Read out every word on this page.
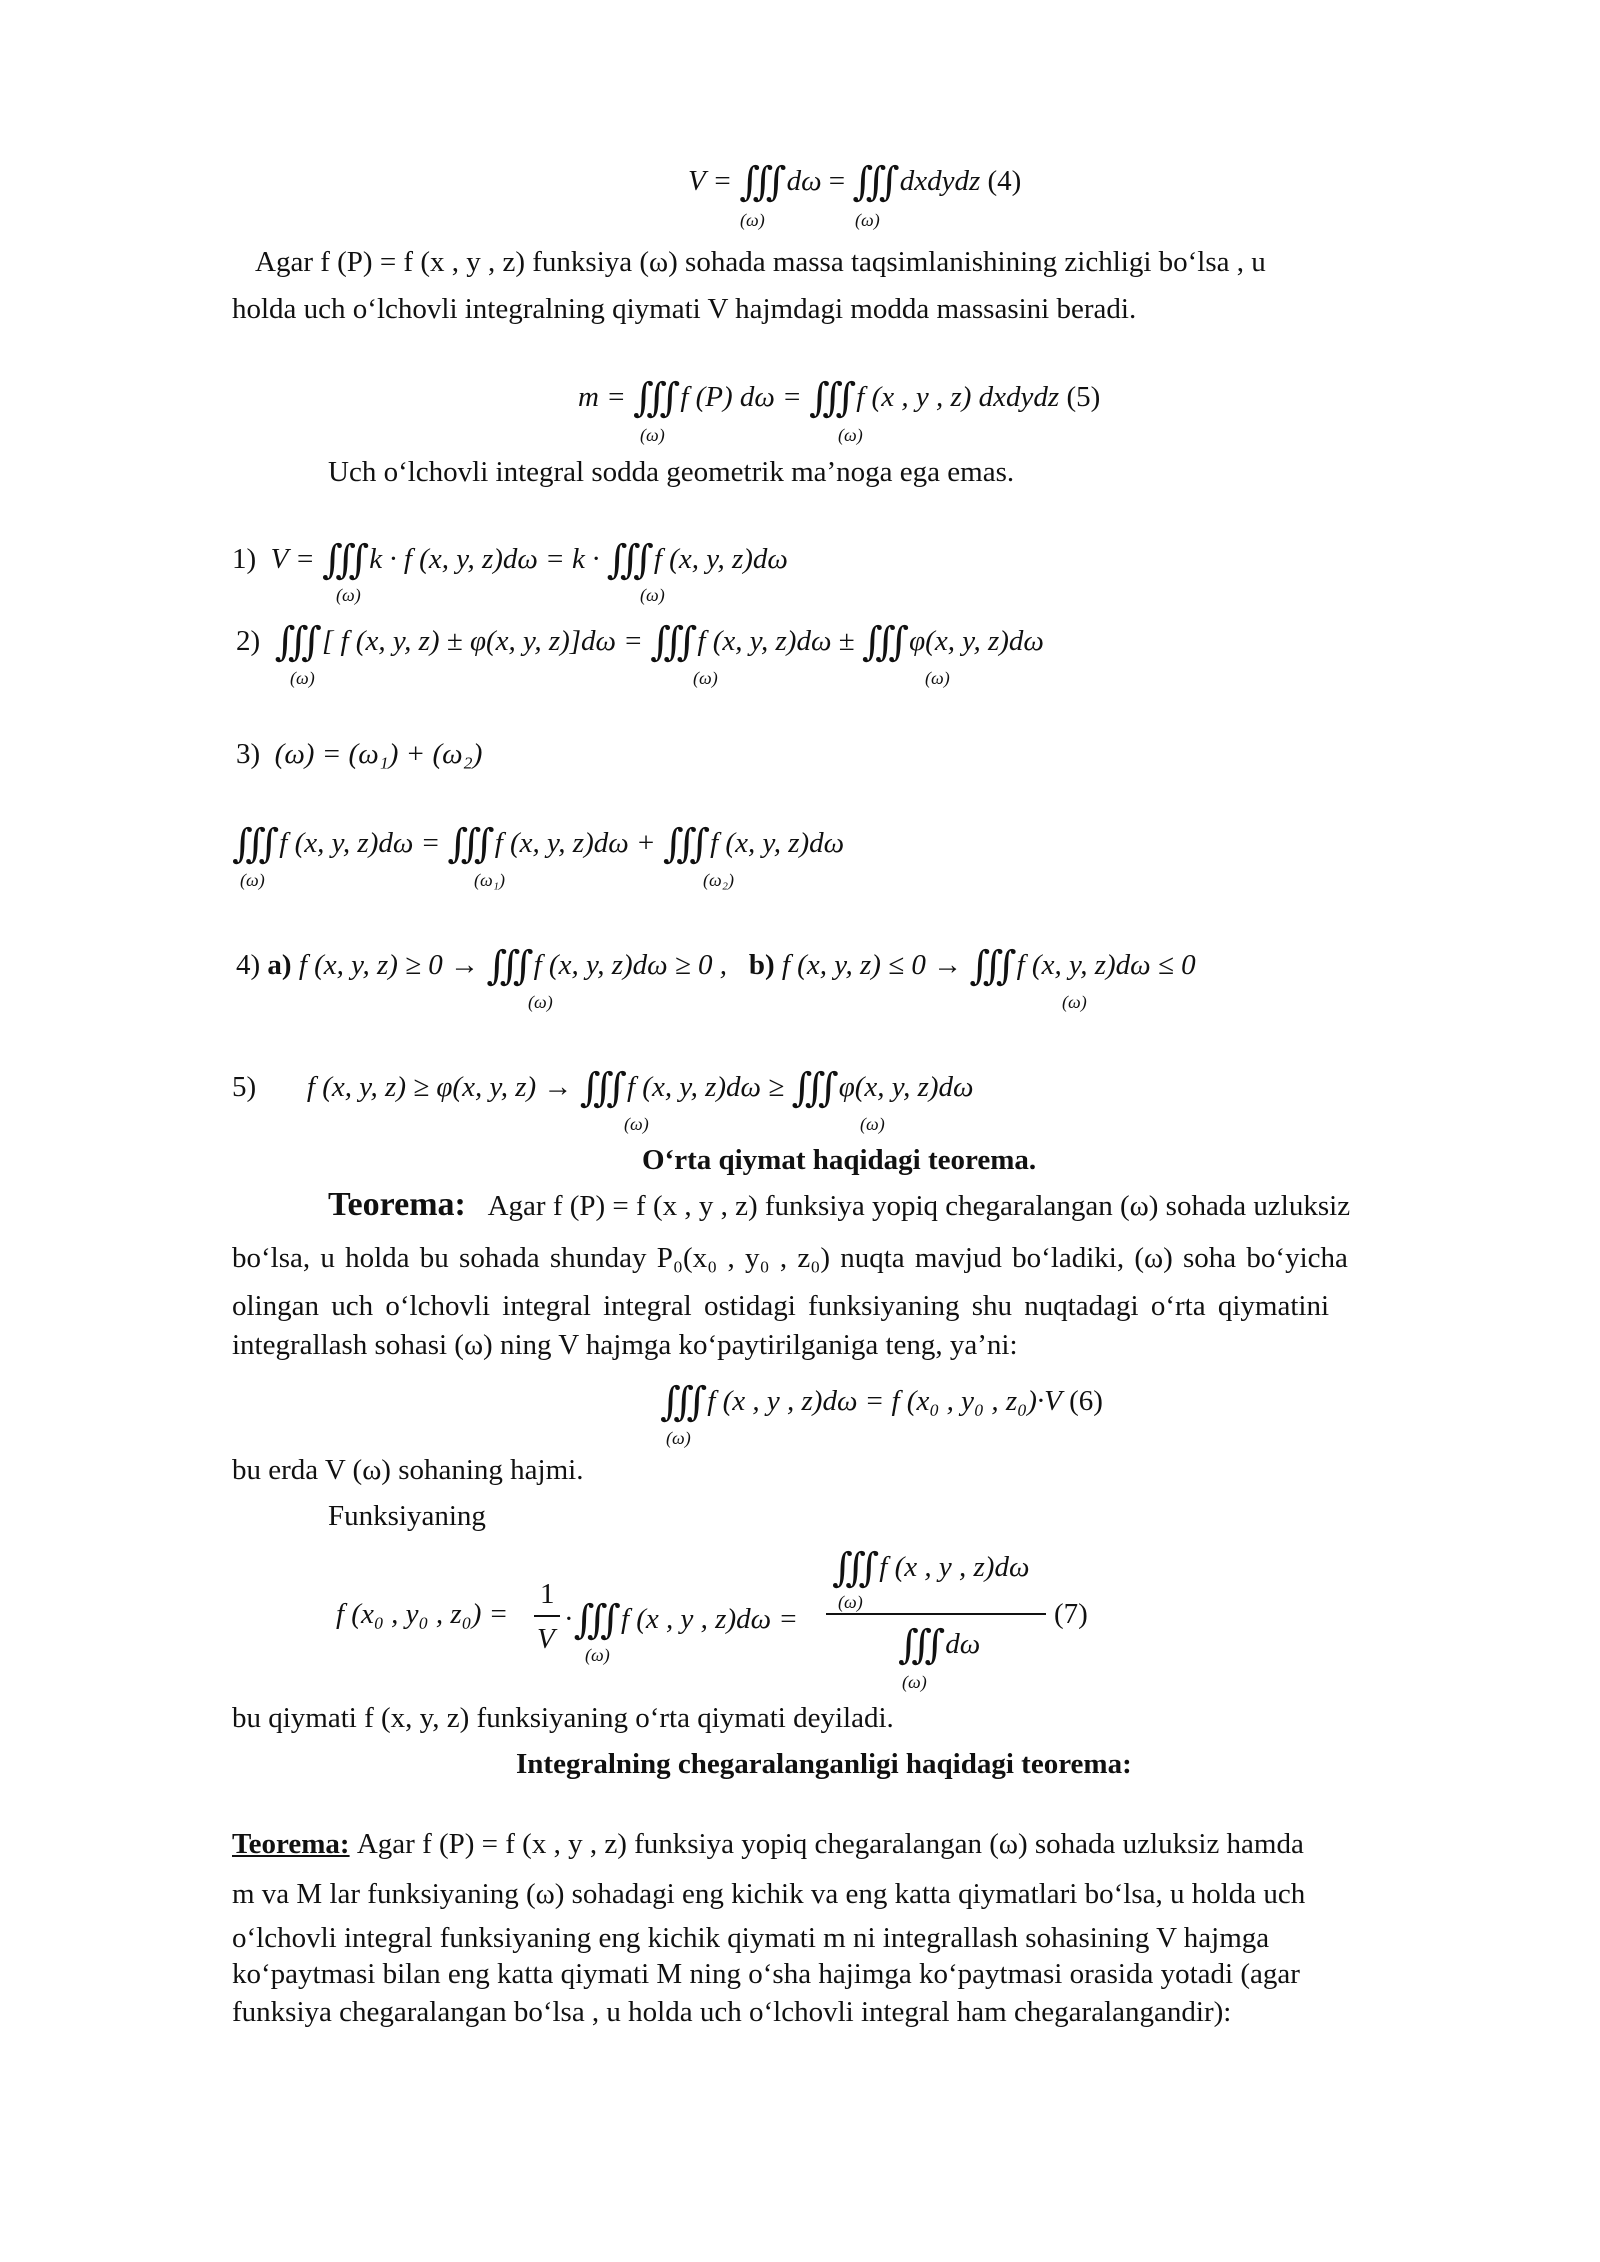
V = ∭ dω = ∭ dxdydz (4)
(ω)	(ω)
Agar f (P) = f (x , y , z) funksiya (ω) sohada massa taqsimlanishining zichligi bo‘lsa , u
holda uch o‘lchovli integralning qiymati V hajmdagi modda massasini beradi.
m = ∭ f (P) dω = ∭ f (x , y , z) dxdydz (5)
(ω)	(ω)
Uch o‘lchovli integral sodda geometrik ma’noga ega emas.
1) V = ∭ k · f (x, y, z)dω = k · ∭ f (x, y, z)dω
(ω)	(ω)
2) ∭ [ f (x, y, z) ± φ(x, y, z)]dω = ∭ f (x, y, z)dω ± ∭ φ(x, y, z)dω
(ω)	(ω)	(ω)
3) (ω) = (ω₁) + (ω₂)
∭ f (x, y, z)dω = ∭ f (x, y, z)dω + ∭ f (x, y, z)dω
(ω)	(ω₁)	(ω₂)
4) a) f (x, y, z) ≥ 0 → ∭ f (x, y, z)dω ≥ 0 , b) f (x, y, z) ≤ 0 → ∭ f (x, y, z)dω ≤ 0
(ω)	(ω)
5) f (x, y, z) ≥ φ(x, y, z) → ∭ f (x, y, z)dω ≥ ∭ φ(x, y, z)dω
(ω)	(ω)
O‘rta qiymat haqidagi teorema.
Teorema: Agar f (P) = f (x , y , z) funksiya yopiq chegaralangan (ω) sohada uzluksiz
bo‘lsa, u holda bu sohada shunday P₀(x₀ , y₀ , z₀) nuqta mavjud bo‘ladiki, (ω) soha bo‘yicha
olingan uch o‘lchovli integral integral ostidagi funksiyaning shu nuqtadagi o‘rta qiymatini
integrallash sohasi (ω) ning V hajmga ko‘paytirilganiga teng, ya’ni:
∭ f (x , y , z)dω = f (x₀ , y₀ , z₀)·V (6)
(ω)
bu erda V (ω) sohaning hajmi.
Funksiyaning
f (x₀ , y₀ , z₀) =
1
V
·∭ f (x , y , z)dω =
(ω)
∭ f (x , y , z)dω
(ω)
∭ dω
(ω)
(7)
bu qiymati f (x, y, z) funksiyaning o‘rta qiymati deyiladi.
Integralning chegaralanganligi haqidagi teorema:
Teorema: Agar f (P) = f (x , y , z) funksiya yopiq chegaralangan (ω) sohada uzluksiz hamda
m va M lar funksiyaning (ω) sohadagi eng kichik va eng katta qiymatlari bo‘lsa, u holda uch
o‘lchovli integral funksiyaning eng kichik qiymati m ni integrallash sohasining V hajmga
ko‘paytmasi bilan eng katta qiymati M ning o‘sha hajimga ko‘paytmasi orasida yotadi (agar
funksiya chegaralangan bo‘lsa , u holda uch o‘lchovli integral ham chegaralangandir):
